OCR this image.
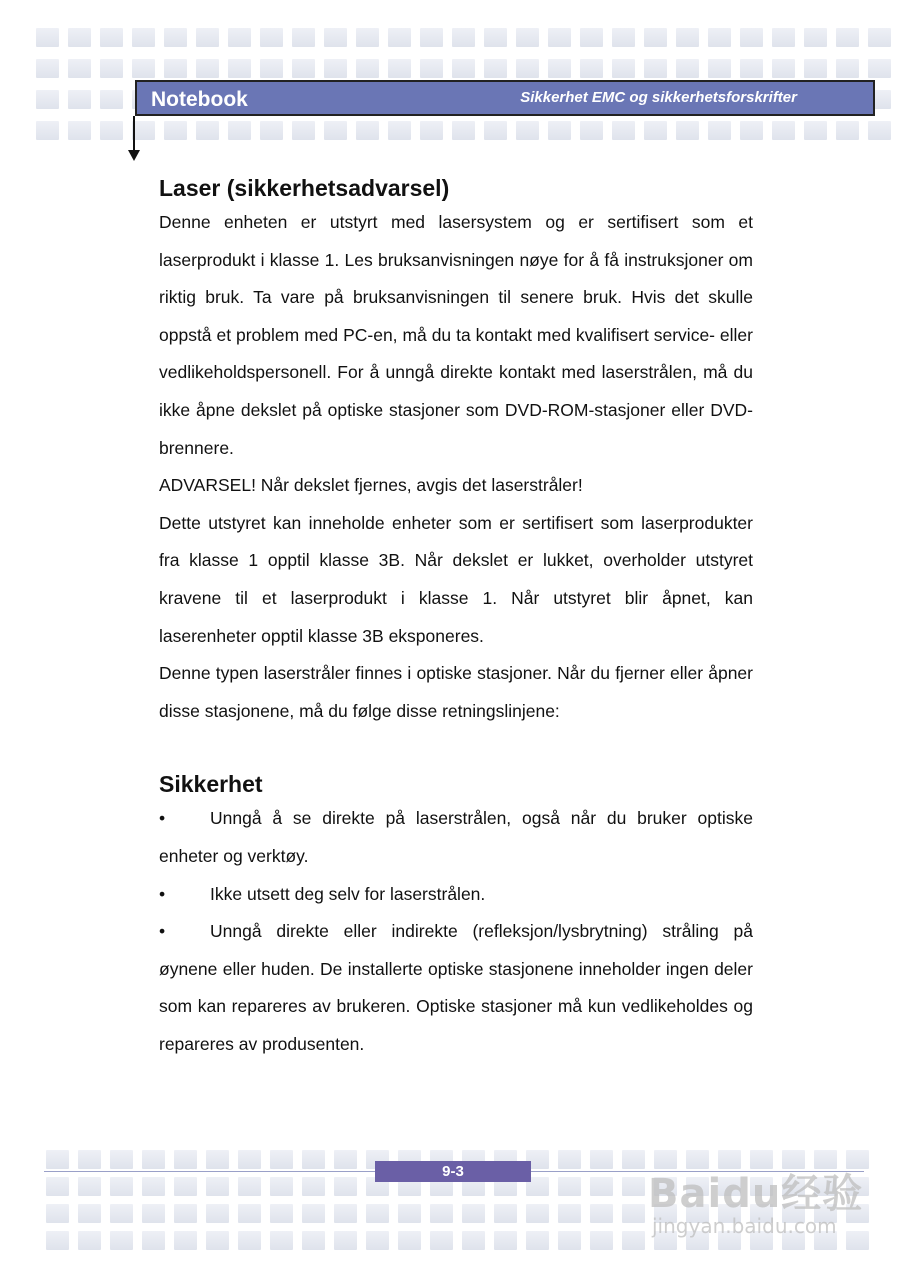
Notebook	Sikkerhet EMC og sikkerhetsforskrifter
Laser (sikkerhetsadvarsel)

Denne enheten er utstyrt med lasersystem og er sertifisert som et laserprodukt i klasse 1. Les bruksanvisningen nøye for å få instruksjoner om riktig bruk. Ta vare på bruksanvisningen til senere bruk. Hvis det skulle oppstå et problem med PC-en, må du ta kontakt med kvalifisert service- eller vedlikeholdspersonell. For å unngå direkte kontakt med laserstrålen, må du ikke åpne dekslet på optiske stasjoner som DVD-ROM-stasjoner eller DVD-brennere.

ADVARSEL! Når dekslet fjernes, avgis det laserstråler!

Dette utstyret kan inneholde enheter som er sertifisert som laserprodukter fra klasse 1 opptil klasse 3B. Når dekslet er lukket, overholder utstyret kravene til et laserprodukt i klasse 1. Når utstyret blir åpnet, kan laserenheter opptil klasse 3B eksponeres.

Denne typen laserstråler finnes i optiske stasjoner. Når du fjerner eller åpner disse stasjonene, må du følge disse retningslinjene:

Sikkerhet

•	Unngå å se direkte på laserstrålen, også når du bruker optiske enheter og verktøy.

•	Ikke utsett deg selv for laserstrålen.

•	Unngå direkte eller indirekte (refleksjon/lysbrytning) stråling på øynene eller huden. De installerte optiske stasjonene inneholder ingen deler som kan repareres av brukeren. Optiske stasjoner må kun vedlikeholdes og repareres av produsenten.

9-3	Baidu经验
jingyan.baidu.com
